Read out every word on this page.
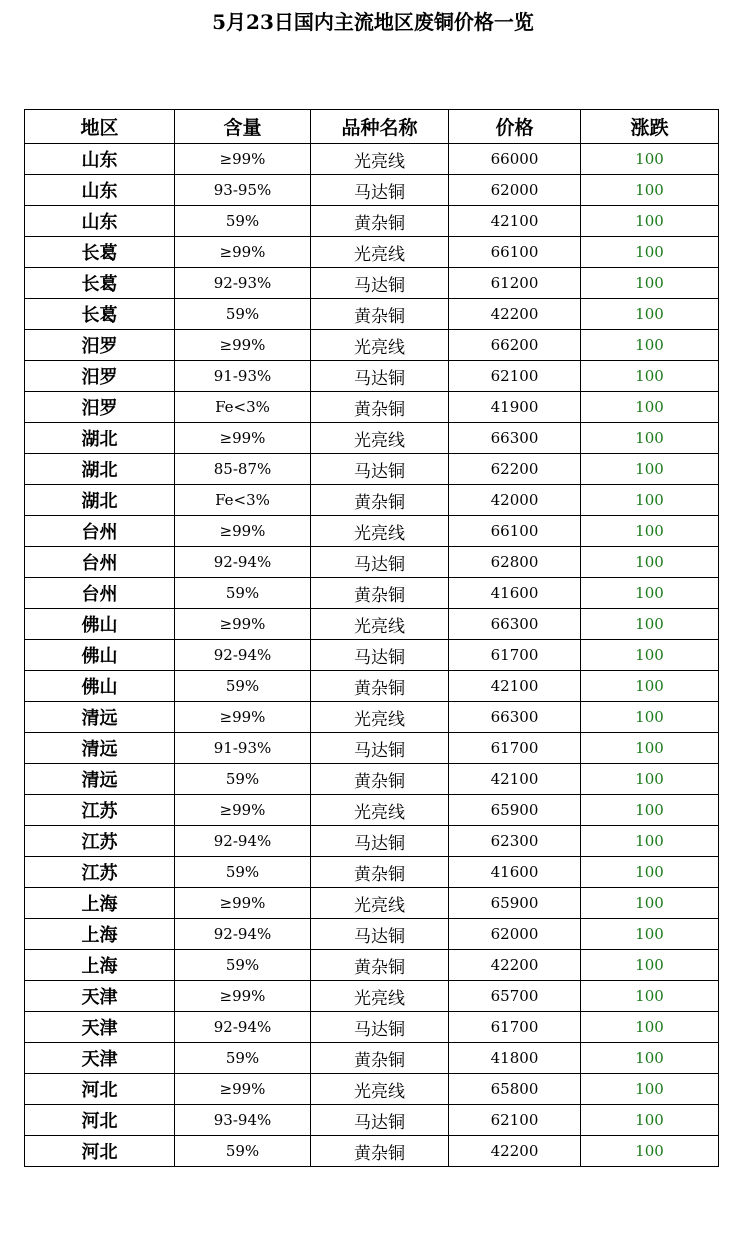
5月23日国内主流地区废铜价格一览
地区	含量	品种名称	价格	涨跌
山东	≥99%	光亮线	66000	100
山东	93-95%	马达铜	62000	100
山东	59%	黄杂铜	42100	100
长葛	≥99%	光亮线	66100	100
长葛	92-93%	马达铜	61200	100
长葛	59%	黄杂铜	42200	100
汨罗	≥99%	光亮线	66200	100
汨罗	91-93%	马达铜	62100	100
汨罗	Fe<3%	黄杂铜	41900	100
湖北	≥99%	光亮线	66300	100
湖北	85-87%	马达铜	62200	100
湖北	Fe<3%	黄杂铜	42000	100
台州	≥99%	光亮线	66100	100
台州	92-94%	马达铜	62800	100
台州	59%	黄杂铜	41600	100
佛山	≥99%	光亮线	66300	100
佛山	92-94%	马达铜	61700	100
佛山	59%	黄杂铜	42100	100
清远	≥99%	光亮线	66300	100
清远	91-93%	马达铜	61700	100
清远	59%	黄杂铜	42100	100
江苏	≥99%	光亮线	65900	100
江苏	92-94%	马达铜	62300	100
江苏	59%	黄杂铜	41600	100
上海	≥99%	光亮线	65900	100
上海	92-94%	马达铜	62000	100
上海	59%	黄杂铜	42200	100
天津	≥99%	光亮线	65700	100
天津	92-94%	马达铜	61700	100
天津	59%	黄杂铜	41800	100
河北	≥99%	光亮线	65800	100
河北	93-94%	马达铜	62100	100
河北	59%	黄杂铜	42200	100
